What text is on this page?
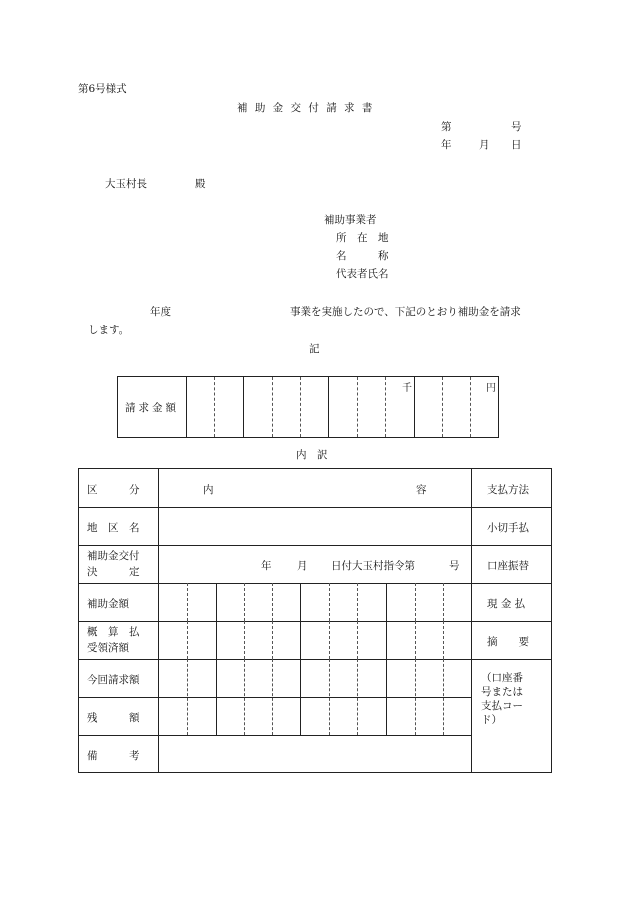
第6号様式
補 助 金 交 付 請 求 書
第	号
年	月 日
大玉村長	殿
補助事業者
所　在　地
名　　　称
代表者氏名
年度	事業を実施したので、下記のとおり補助金を請求
します。
記
請求金額
千	円
内　訳
区　　　分	内	容	支払方法
地　区　名	小切手払
補助金交付
決　　　定	年 月 日付大玉村指令第	号	口座振替
補助金額	現 金 払
概　算　払
受領済額	摘　　要
今回請求額	（口座番
号または
支払コー
ド）
残　　　額
備　　　考
